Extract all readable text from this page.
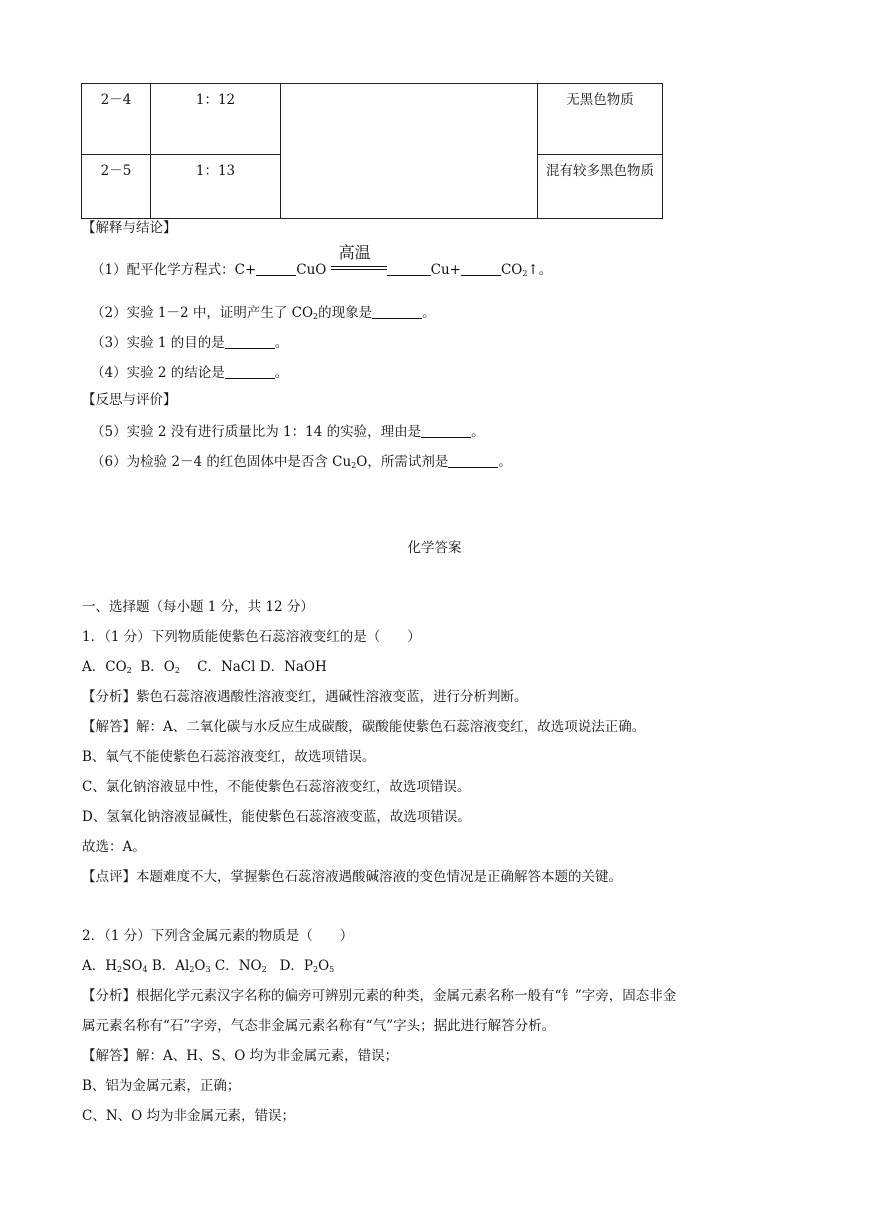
2－4	1：12		无黑色物质
2－5	1：13		混有较多黑色物质
【解释与结论】
（1）配平化学方程式：C+	CuO
高温
Cu+	$CO_2↑$。
（2）实验 1－2 中，证明产生了 $CO_2$的现象是	。
（3）实验 1 的目的是	。
（4）实验 2 的结论是	。
【反思与评价】
（5）实验 2 没有进行质量比为 1：14 的实验，理由是	。
（6）为检验 2－4 的红色固体中是否含 $Cu_2O$，所需试剂是	。
化学答案
一、选择题（每小题 1 分，共 12 分）
1．（1 分）下列物质能使紫色石蕊溶液变红的是（　　）
A．$CO_2$ B．$O_2$ C．NaCl D．NaOH
【分析】紫色石蕊溶液遇酸性溶液变红，遇碱性溶液变蓝，进行分析判断。
【解答】解：A、二氧化碳与水反应生成碳酸，碳酸能使紫色石蕊溶液变红，故选项说法正确。
B、氧气不能使紫色石蕊溶液变红，故选项错误。
C、氯化钠溶液显中性，不能使紫色石蕊溶液变红，故选项错误。
D、氢氧化钠溶液显碱性，能使紫色石蕊溶液变蓝，故选项错误。
故选：A。
【点评】本题难度不大，掌握紫色石蕊溶液遇酸碱溶液的变色情况是正确解答本题的关键。
2．（1 分）下列含金属元素的物质是（　　）
A．$H_2SO_4$ B．$Al_2O_3$ C．$NO_2$   D．$P_2O_5$
【分析】根据化学元素汉字名称的偏旁可辨别元素的种类，金属元素名称一般有“钅”字旁，固态非金
属元素名称有“石”字旁，气态非金属元素名称有“气”字头；据此进行解答分析。
【解答】解：A、H、S、O 均为非金属元素，错误；
B、铝为金属元素，正确；
C、N、O 均为非金属元素，错误；
